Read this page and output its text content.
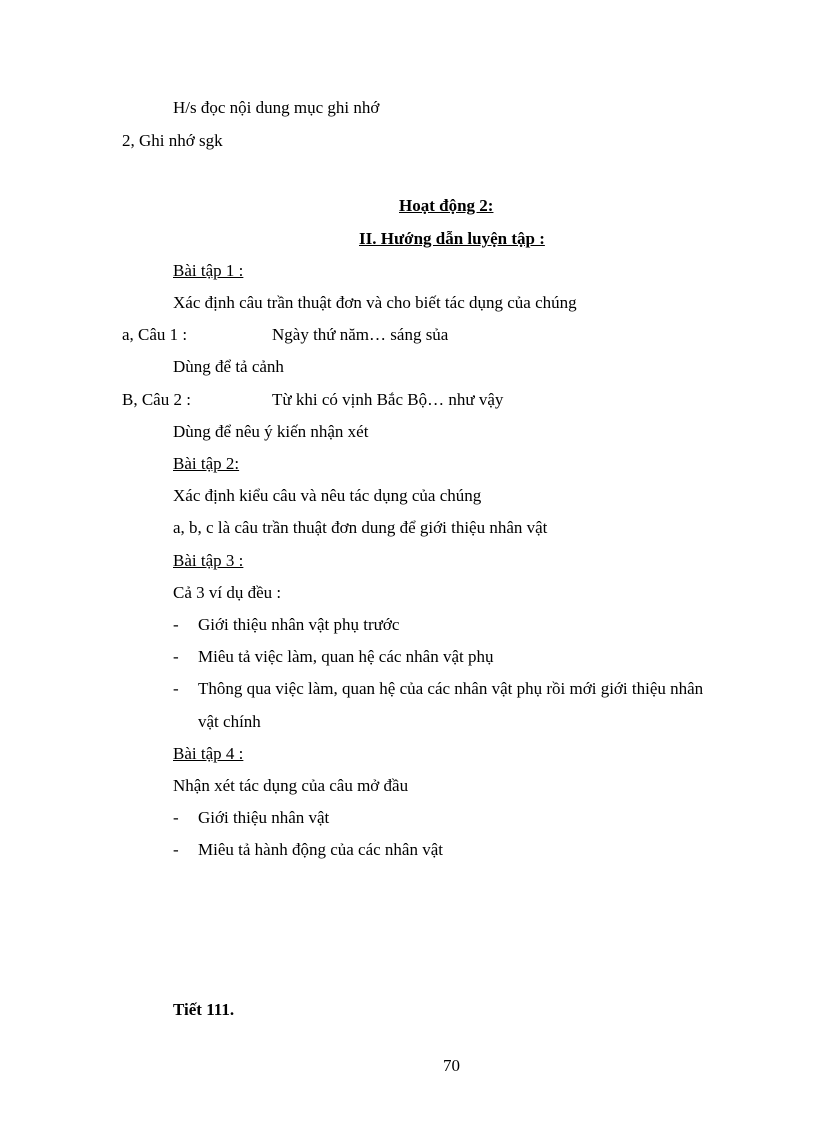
H/s đọc nội dung mục ghi nhớ
2, Ghi nhớ sgk
Hoạt động 2:
II. Hướng dẫn luyện tập :
Bài tập 1 :
Xác định câu trần thuật đơn và cho biết tác dụng của chúng
a, Câu 1 :	Ngày thứ năm… sáng sủa
Dùng để tả cảnh
B, Câu 2 :	Từ khi có vịnh Bắc Bộ… như vậy
Dùng để nêu ý kiến nhận xét
Bài tập 2:
Xác định kiểu câu và nêu tác dụng của chúng
a, b, c là câu trần thuật đơn dung để giới thiệu nhân vật
Bài tập 3 :
Cả 3 ví dụ đều :
- Giới thiệu nhân vật phụ trước
- Miêu tả việc làm, quan hệ các nhân vật phụ
- Thông qua việc làm, quan hệ của các nhân vật phụ rồi mới giới thiệu nhân
vật chính
Bài tập 4 :
Nhận xét tác dụng của câu mở đầu
- Giới thiệu nhân vật
- Miêu tả hành động của các nhân vật
Tiết 111.
70
